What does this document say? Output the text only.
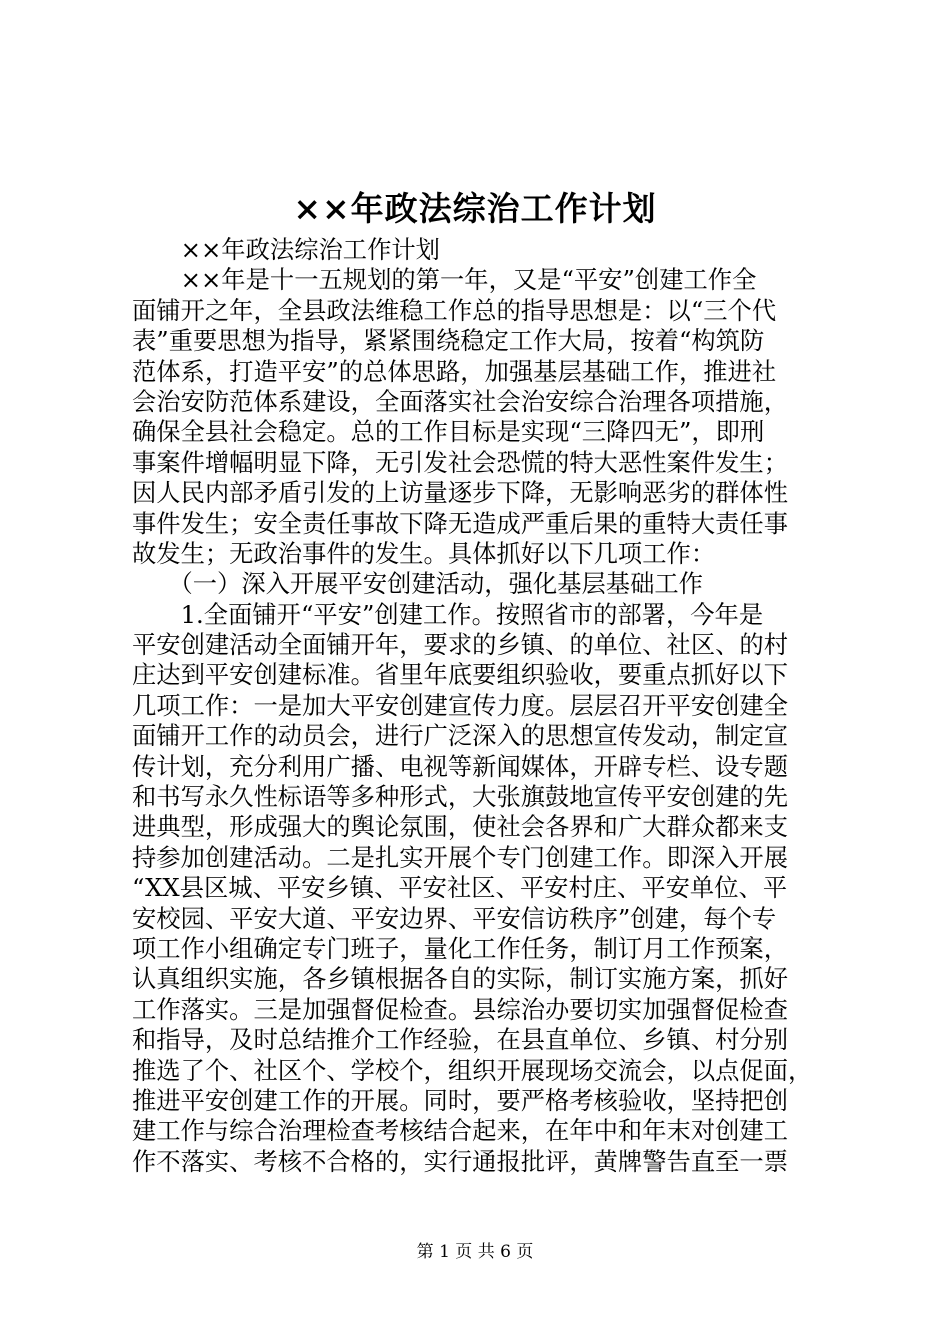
××年政法综治工作计划
　　××年政法综治工作计划
　　××年是十一五规划的第一年，又是“平安”创建工作全
面铺开之年，全县政法维稳工作总的指导思想是：以“三个代
表”重要思想为指导，紧紧围绕稳定工作大局，按着“构筑防
范体系，打造平安”的总体思路，加强基层基础工作，推进社
会治安防范体系建设，全面落实社会治安综合治理各项措施，
确保全县社会稳定。总的工作目标是实现“三降四无”，即刑
事案件增幅明显下降，无引发社会恐慌的特大恶性案件发生；
因人民内部矛盾引发的上访量逐步下降，无影响恶劣的群体性
事件发生；安全责任事故下降无造成严重后果的重特大责任事
故发生；无政治事件的发生。具体抓好以下几项工作：
　　（一）深入开展平安创建活动，强化基层基础工作
　　1.全面铺开“平安”创建工作。按照省市的部署，今年是
平安创建活动全面铺开年，要求的乡镇、的单位、社区、的村
庄达到平安创建标准。省里年底要组织验收，要重点抓好以下
几项工作：一是加大平安创建宣传力度。层层召开平安创建全
面铺开工作的动员会，进行广泛深入的思想宣传发动，制定宣
传计划，充分利用广播、电视等新闻媒体，开辟专栏、设专题
和书写永久性标语等多种形式，大张旗鼓地宣传平安创建的先
进典型，形成强大的舆论氛围，使社会各界和广大群众都来支
持参加创建活动。二是扎实开展个专门创建工作。即深入开展
“XX县区城、平安乡镇、平安社区、平安村庄、平安单位、平
安校园、平安大道、平安边界、平安信访秩序”创建，每个专
项工作小组确定专门班子，量化工作任务，制订月工作预案，
认真组织实施，各乡镇根据各自的实际，制订实施方案，抓好
工作落实。三是加强督促检查。县综治办要切实加强督促检查
和指导，及时总结推介工作经验，在县直单位、乡镇、村分别
推选了个、社区个、学校个，组织开展现场交流会，以点促面，
推进平安创建工作的开展。同时，要严格考核验收，坚持把创
建工作与综合治理检查考核结合起来，在年中和年末对创建工
作不落实、考核不合格的，实行通报批评，黄牌警告直至一票
第 1 页 共 6 页
